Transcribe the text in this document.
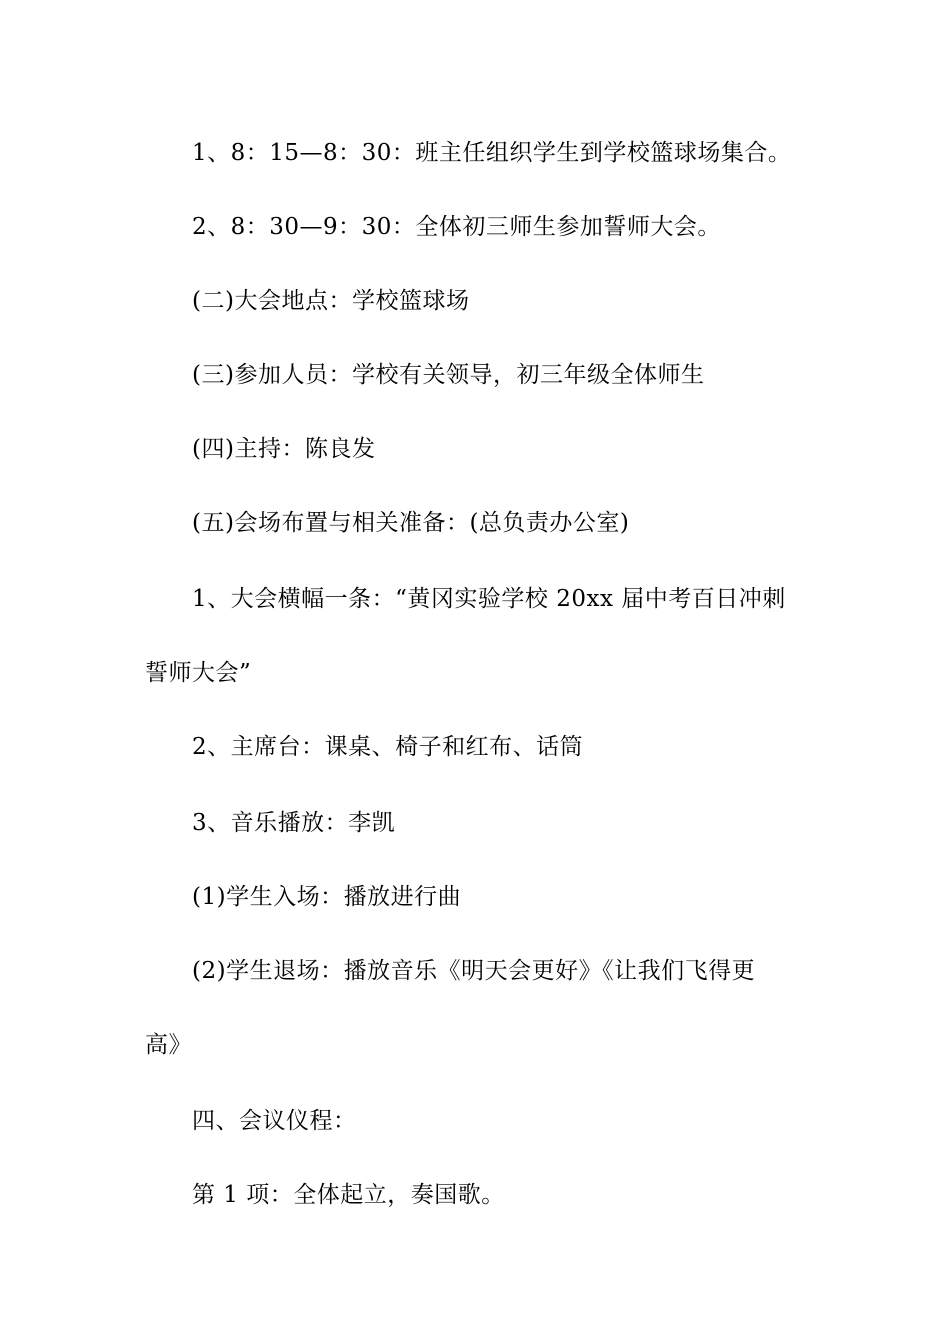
1、8：15—8：30：班主任组织学生到学校篮球场集合。
2、8：30—9：30：全体初三师生参加誓师大会。
(二)大会地点：学校篮球场
(三)参加人员：学校有关领导，初三年级全体师生
(四)主持：陈良发
(五)会场布置与相关准备：(总负责办公室)
1、大会横幅一条：“黄冈实验学校 20xx 届中考百日冲刺
誓师大会”
2、主席台：课桌、椅子和红布、话筒
3、音乐播放：李凯
(1)学生入场：播放进行曲
(2)学生退场：播放音乐《明天会更好》《让我们飞得更
高》
四、会议仪程：
第 1 项：全体起立，奏国歌。
